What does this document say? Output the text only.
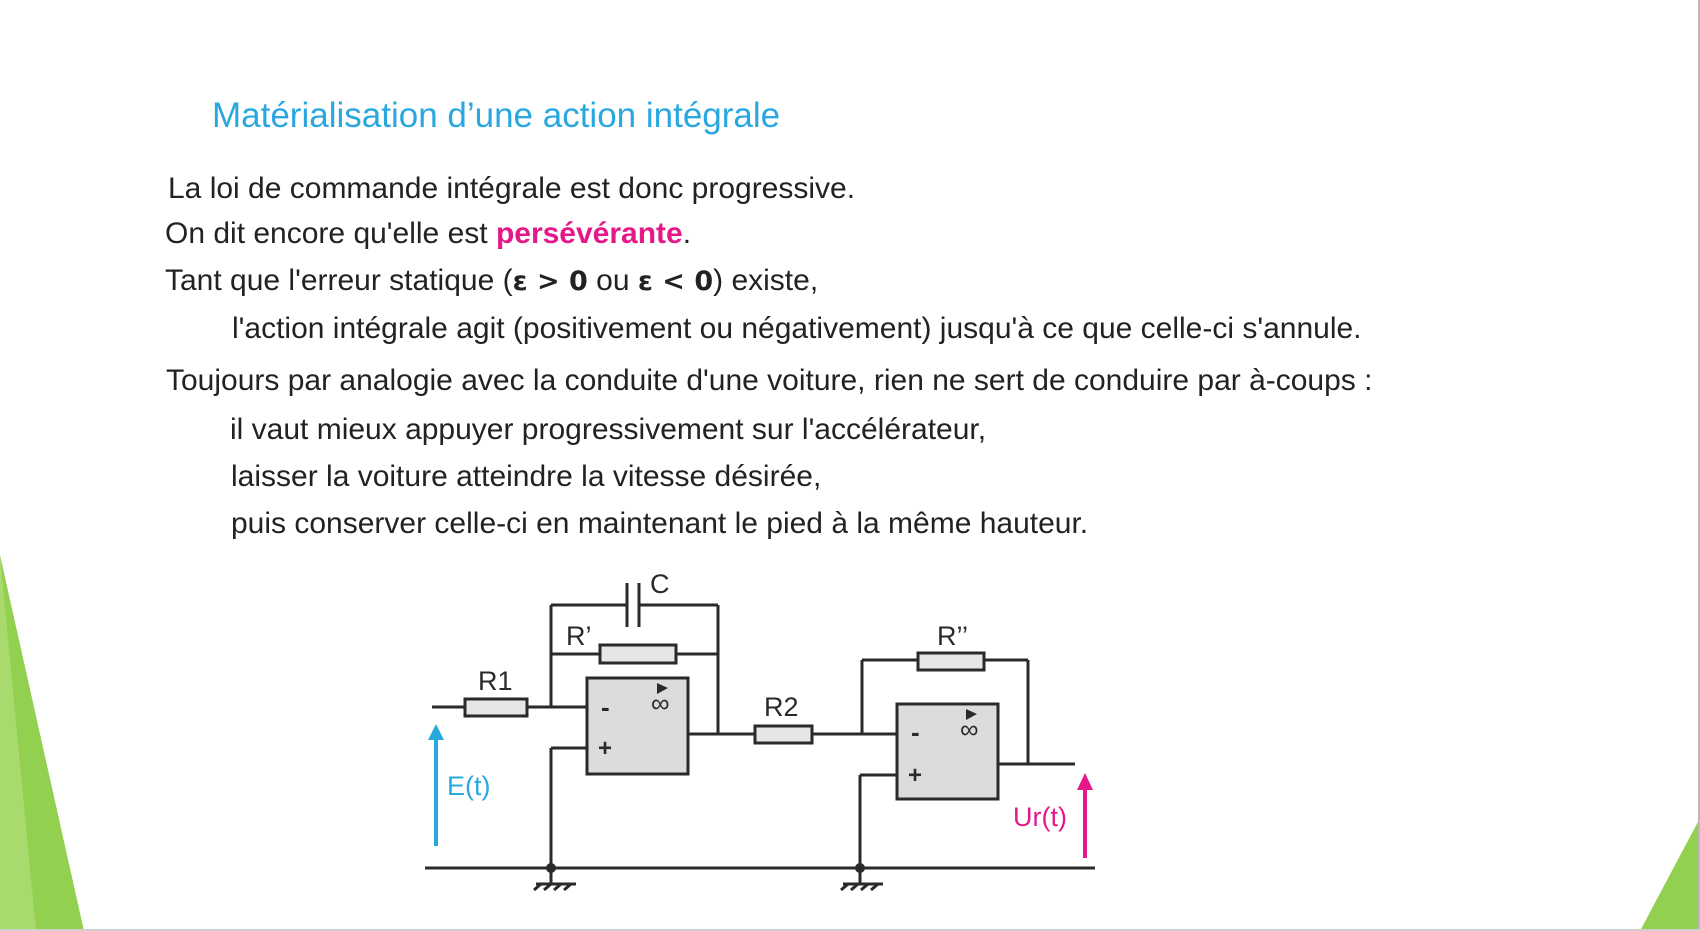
Matérialisation d’une action intégrale
La loi de commande intégrale est donc progressive.
On dit encore qu'elle est persévérante.
Tant que l'erreur statique (ε > 0 ou ε < 0) existe,
l'action intégrale agit (positivement ou négativement) jusqu'à ce que celle-ci s'annule.
Toujours par analogie avec la conduite d'une voiture, rien ne sert de conduire par à-coups :
il vaut mieux appuyer progressivement sur l'accélérateur,
laisser la voiture atteindre la vitesse désirée,
puis conserver celle-ci en maintenant le pied à la même hauteur.
∞
-
+
∞
-
+
C
R’
R1
R2
R’’
E(t)
Ur(t)
